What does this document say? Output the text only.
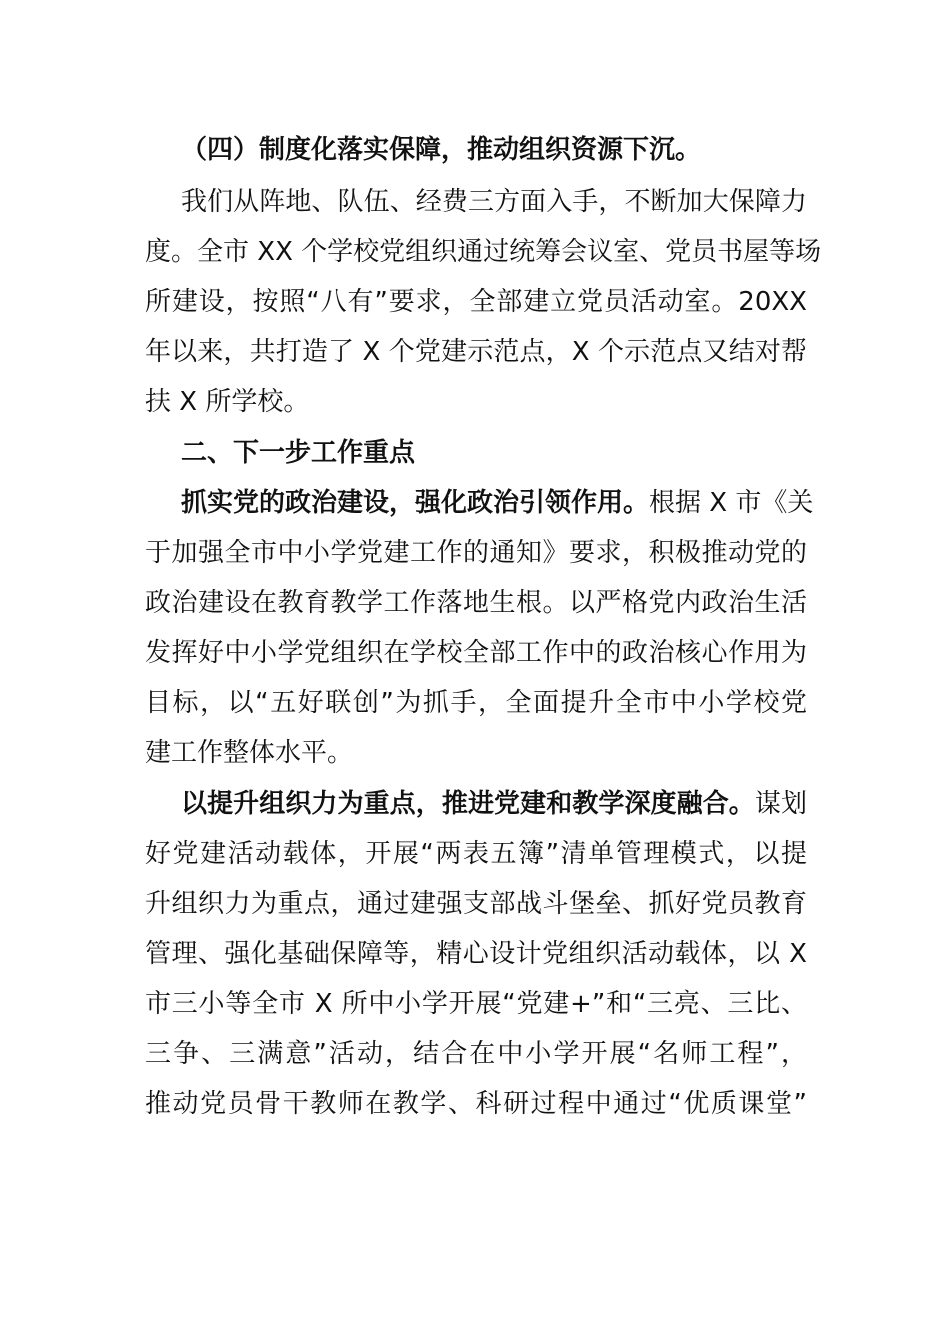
（四）制度化落实保障，推动组织资源下沉。
我们从阵地、队伍、经费三方面入手，不断加大保障力
度。全市 XX 个学校党组织通过统筹会议室、党员书屋等场
所建设，按照“八有”要求，全部建立党员活动室。20XX
年以来，共打造了 X 个党建示范点，X 个示范点又结对帮
扶 X 所学校。
二、下一步工作重点
抓实党的政治建设，强化政治引领作用。根据 X 市《关
于加强全市中小学党建工作的通知》要求，积极推动党的
政治建设在教育教学工作落地生根。以严格党内政治生活
发挥好中小学党组织在学校全部工作中的政治核心作用为
目标，以“五好联创”为抓手，全面提升全市中小学校党
建工作整体水平。
以提升组织力为重点，推进党建和教学深度融合。谋划
好党建活动载体，开展“两表五簿”清单管理模式，以提
升组织力为重点，通过建强支部战斗堡垒、抓好党员教育
管理、强化基础保障等，精心设计党组织活动载体，以 X
市三小等全市 X 所中小学开展“党建+”和“三亮、三比、
三争、三满意”活动，结合在中小学开展“名师工程”，
推动党员骨干教师在教学、科研过程中通过“优质课堂”
